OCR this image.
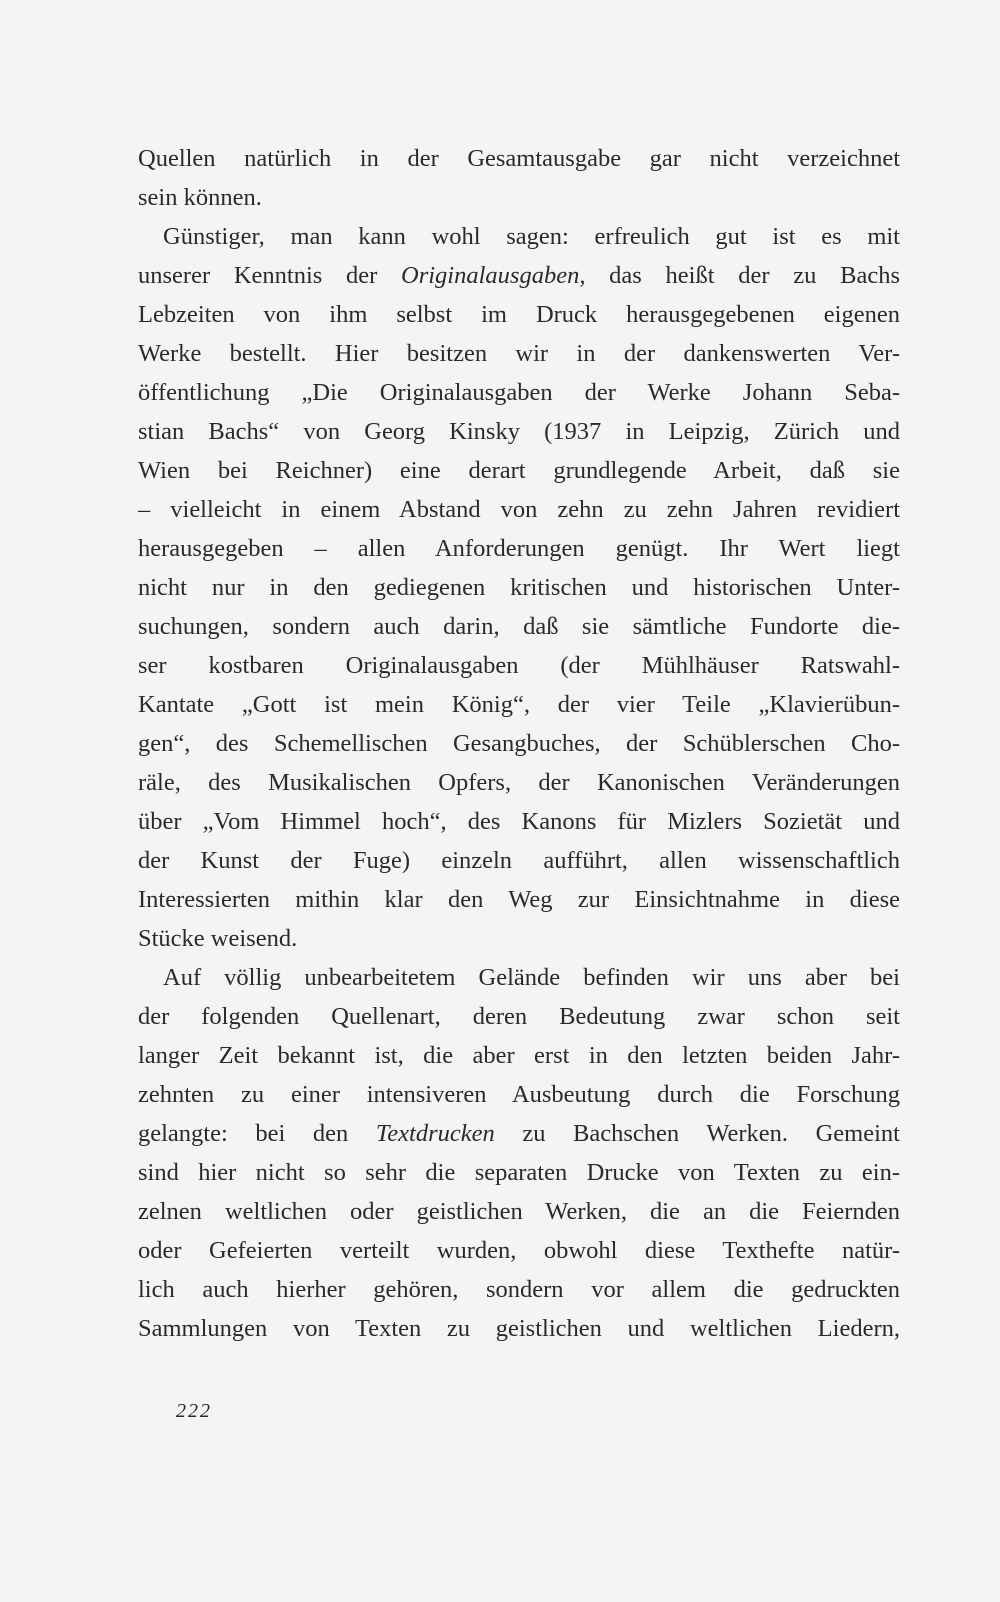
Quellen natürlich in der Gesamtausgabe gar nicht verzeichnet
sein können.
Günstiger, man kann wohl sagen: erfreulich gut ist es mit
unserer Kenntnis der Originalausgaben, das heißt der zu Bachs
Lebzeiten von ihm selbst im Druck herausgegebenen eigenen
Werke bestellt. Hier besitzen wir in der dankenswerten Ver-
öffentlichung „Die Originalausgaben der Werke Johann Seba-
stian Bachs“ von Georg Kinsky (1937 in Leipzig, Zürich und
Wien bei Reichner) eine derart grundlegende Arbeit, daß sie
– vielleicht in einem Abstand von zehn zu zehn Jahren revidiert
herausgegeben – allen Anforderungen genügt. Ihr Wert liegt
nicht nur in den gediegenen kritischen und historischen Unter-
suchungen, sondern auch darin, daß sie sämtliche Fundorte die-
ser kostbaren Originalausgaben (der Mühlhäuser Ratswahl-
Kantate „Gott ist mein König“, der vier Teile „Klavierübun-
gen“, des Schemellischen Gesangbuches, der Schüblerschen Cho-
räle, des Musikalischen Opfers, der Kanonischen Veränderungen
über „Vom Himmel hoch“, des Kanons für Mizlers Sozietät und
der Kunst der Fuge) einzeln aufführt, allen wissenschaftlich
Interessierten mithin klar den Weg zur Einsichtnahme in diese
Stücke weisend.
Auf völlig unbearbeitetem Gelände befinden wir uns aber bei
der folgenden Quellenart, deren Bedeutung zwar schon seit
langer Zeit bekannt ist, die aber erst in den letzten beiden Jahr-
zehnten zu einer intensiveren Ausbeutung durch die Forschung
gelangte: bei den Textdrucken zu Bachschen Werken. Gemeint
sind hier nicht so sehr die separaten Drucke von Texten zu ein-
zelnen weltlichen oder geistlichen Werken, die an die Feiernden
oder Gefeierten verteilt wurden, obwohl diese Texthefte natür-
lich auch hierher gehören, sondern vor allem die gedruckten
Sammlungen von Texten zu geistlichen und weltlichen Liedern,
222
